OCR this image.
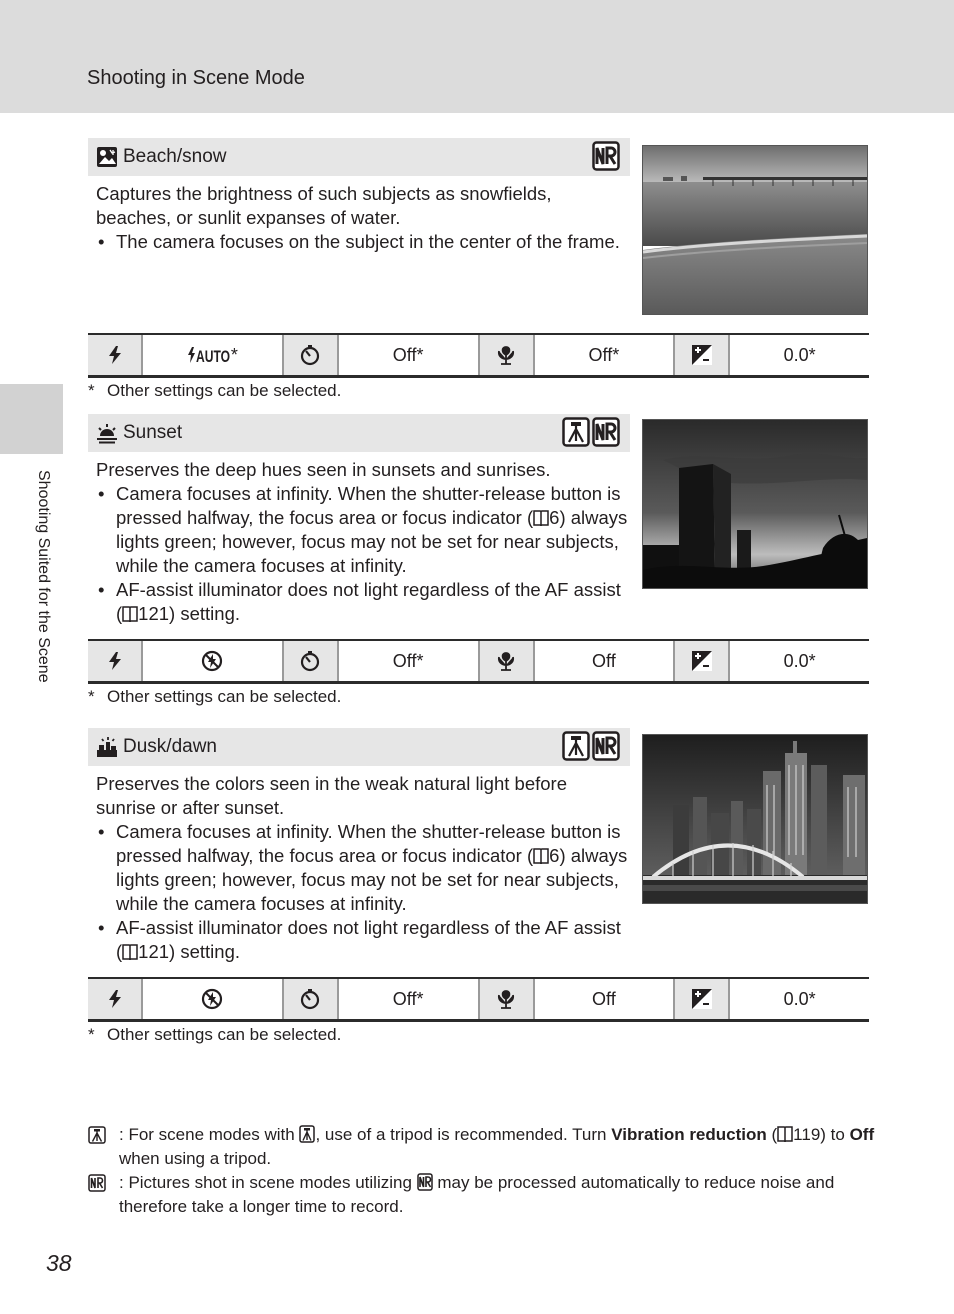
Shooting in Scene Mode
Shooting Suited for the Scene
Beach/snow

Captures the brightness of such subjects as snowfields, beaches, or sunlit expanses of water.

• The camera focuses on the subject in the center of the frame.
AUTO *	Off*	Off*	0.0*
* Other settings can be selected.
Sunset

Preserves the deep hues seen in sunsets and sunrises.

• Camera focuses at infinity. When the shutter-release button is pressed halfway, the focus area or focus indicator ( 6) always lights green; however, focus may not be set for near subjects, while the camera focuses at infinity.
• AF-assist illuminator does not light regardless of the AF assist ( 121) setting.
Off*	Off	0.0*
* Other settings can be selected.
Dusk/dawn

Preserves the colors seen in the weak natural light before sunrise or after sunset.

• Camera focuses at infinity. When the shutter-release button is pressed halfway, the focus area or focus indicator ( 6) always lights green; however, focus may not be set for near subjects, while the camera focuses at infinity.
• AF-assist illuminator does not light regardless of the AF assist ( 121) setting.
Off*	Off	0.0*
* Other settings can be selected.
: For scene modes with , use of a tripod is recommended. Turn Vibration reduction ( 119) to Off when using a tripod.
: Pictures shot in scene modes utilizing  may be processed automatically to reduce noise and therefore take a longer time to record.
38
